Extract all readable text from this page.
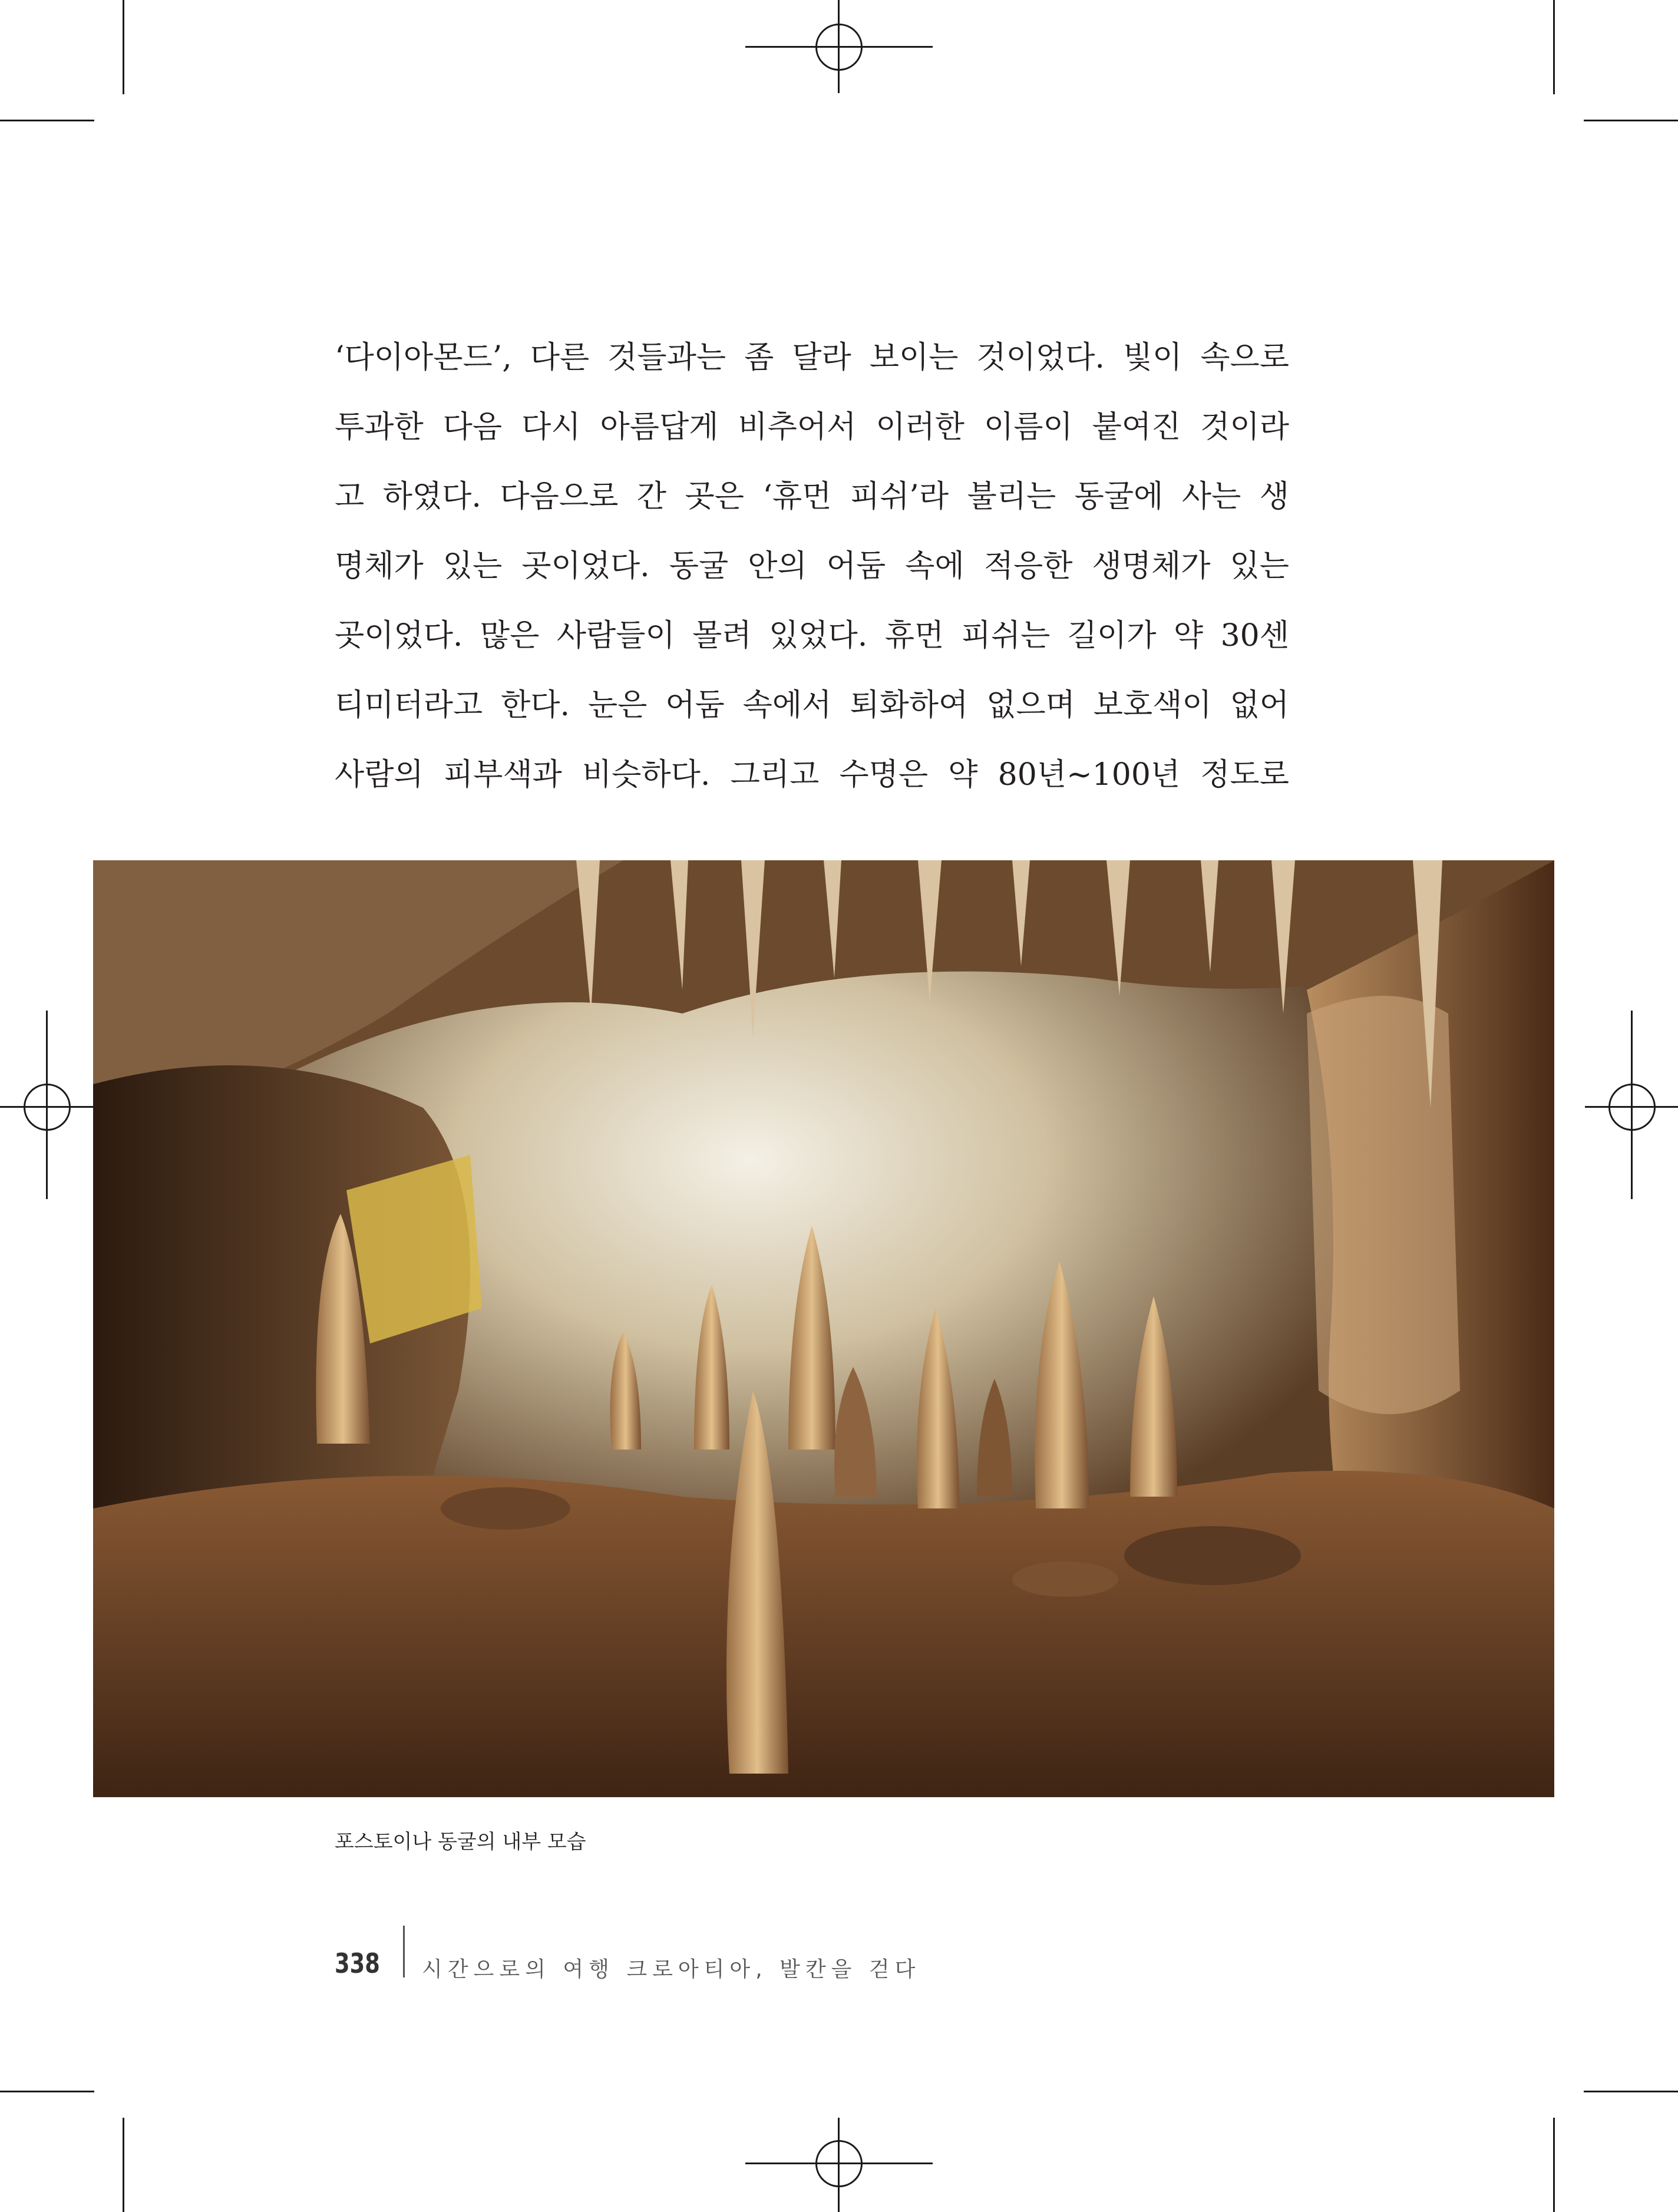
‘다이아몬드’, 다른 것들과는 좀 달라 보이는 것이었다. 빛이 속으로
투과한 다음 다시 아름답게 비추어서 이러한 이름이 붙여진 것이라
고 하였다. 다음으로 간 곳은 ‘휴먼 피쉬’라 불리는 동굴에 사는 생
명체가 있는 곳이었다. 동굴 안의 어둠 속에 적응한 생명체가 있는
곳이었다. 많은 사람들이 몰려 있었다. 휴먼 피쉬는 길이가 약 30센
티미터라고 한다. 눈은 어둠 속에서 퇴화하여 없으며 보호색이 없어
사람의 피부색과 비슷하다. 그리고 수명은 약 80년~100년 정도로
포스토이나 동굴의 내부 모습
338 시간으로의 여행 크로아티아, 발칸을 걷다
